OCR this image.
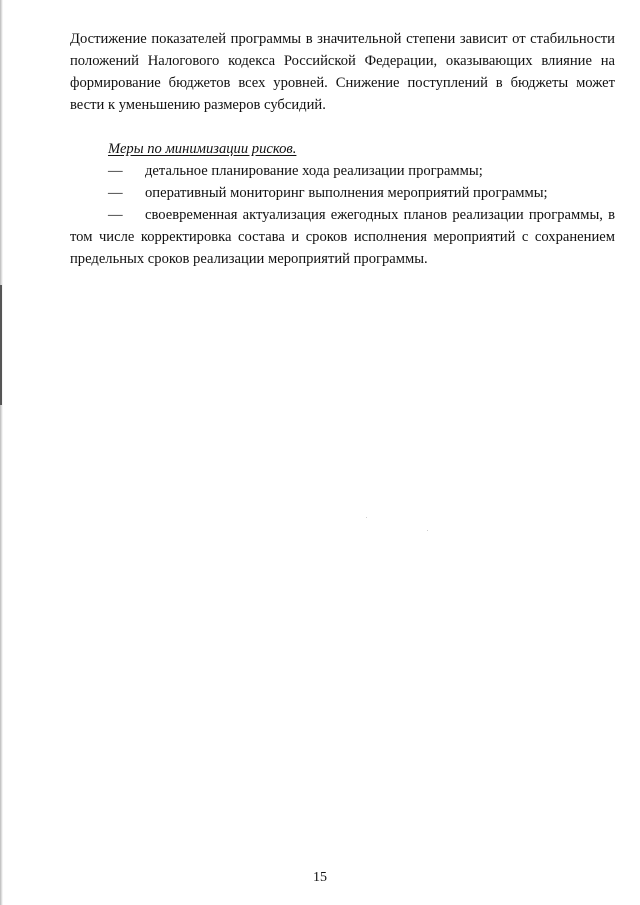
Достижение показателей программы в значительной степени зависит от стабильности положений Налогового кодекса Российской Федерации, оказывающих влияние на формирование бюджетов всех уровней. Снижение поступлений в бюджеты может вести к уменьшению размеров субсидий.

Меры по минимизации рисков.

— детальное планирование хода реализации программы;
— оперативный мониторинг выполнения мероприятий программы;
— своевременная актуализация ежегодных планов реализации программы, в том числе корректировка состава и сроков исполнения мероприятий с сохранением предельных сроков реализации мероприятий программы.
15
